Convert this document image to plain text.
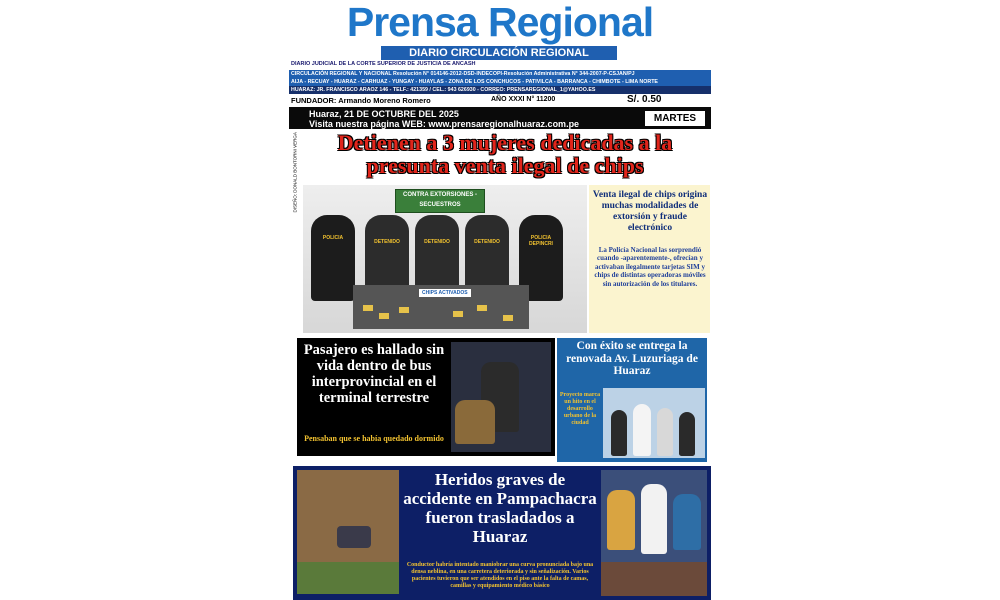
Prensa Regional
DIARIO CIRCULACIÓN REGIONAL
DIARIO JUDICIAL DE LA CORTE SUPERIOR DE JUSTICIA DE ANCASH
CIRCULACIÓN REGIONAL Y NACIONAL Resolución N° 014146-2012-DSD-INDECOPI-Resolución Administrativa N° 344-2007-P-CSJAN/PJ
AIJA - RECUAY - HUARAZ - CARHUAZ - YUNGAY - HUAYLAS - ZONA DE LOS CONCHUCOS - PATIVILCA - BARRANCA - CHIMBOTE - LIMA NORTE
HUARAZ: JR. FRANCISCO ARAOZ 146 - TELF.: 421359 / CEL.: 943 626930 - CORREO: PRENSAREGIONAL_1@YAHOO.ES
FUNDADOR: Armando Moreno Romero	AÑO XXXI N° 11200	S/. 0.50
Huaraz, 21 DE OCTUBRE DEL 2025
Visita nuestra página WEB: www.prensaregionalhuaraz.com.pe	MARTES
DISEÑO: DONALD BONTORNI VERGA	Detienen a 3 mujeres dedicadas a la presunta venta ilegal de chips
CONTRA EXTORSIONES - SECUESTROS
POLICIA
DETENIDO	DETENIDO	DETENIDO
POLICIA DEPINCRI
CHIPS ACTIVADOS
Venta ilegal de chips origina muchas modalidades de extorsión y fraude electrónico
La Policía Nacional las sorprendió cuando -aparentemente-, ofrecían y activaban ilegalmente tarjetas SIM y chips de distintas operadoras móviles sin autorización de los titulares.
Pasajero es hallado sin vida dentro de bus interprovincial en el terminal terrestre
Pensaban que se había quedado dormido
Con éxito se entrega la renovada Av. Luzuriaga de Huaraz
Proyecto marca un hito en el desarrollo urbano de la ciudad
Heridos graves de accidente en Pampachacra fueron trasladados a Huaraz
Conductor habría intentado maniobrar una curva pronunciada bajo una densa neblina, en una carretera deteriorada y sin señalización. Varios pacientes tuvieron que ser atendidos en el piso ante la falta de camas, camillas y equipamiento médico básico
